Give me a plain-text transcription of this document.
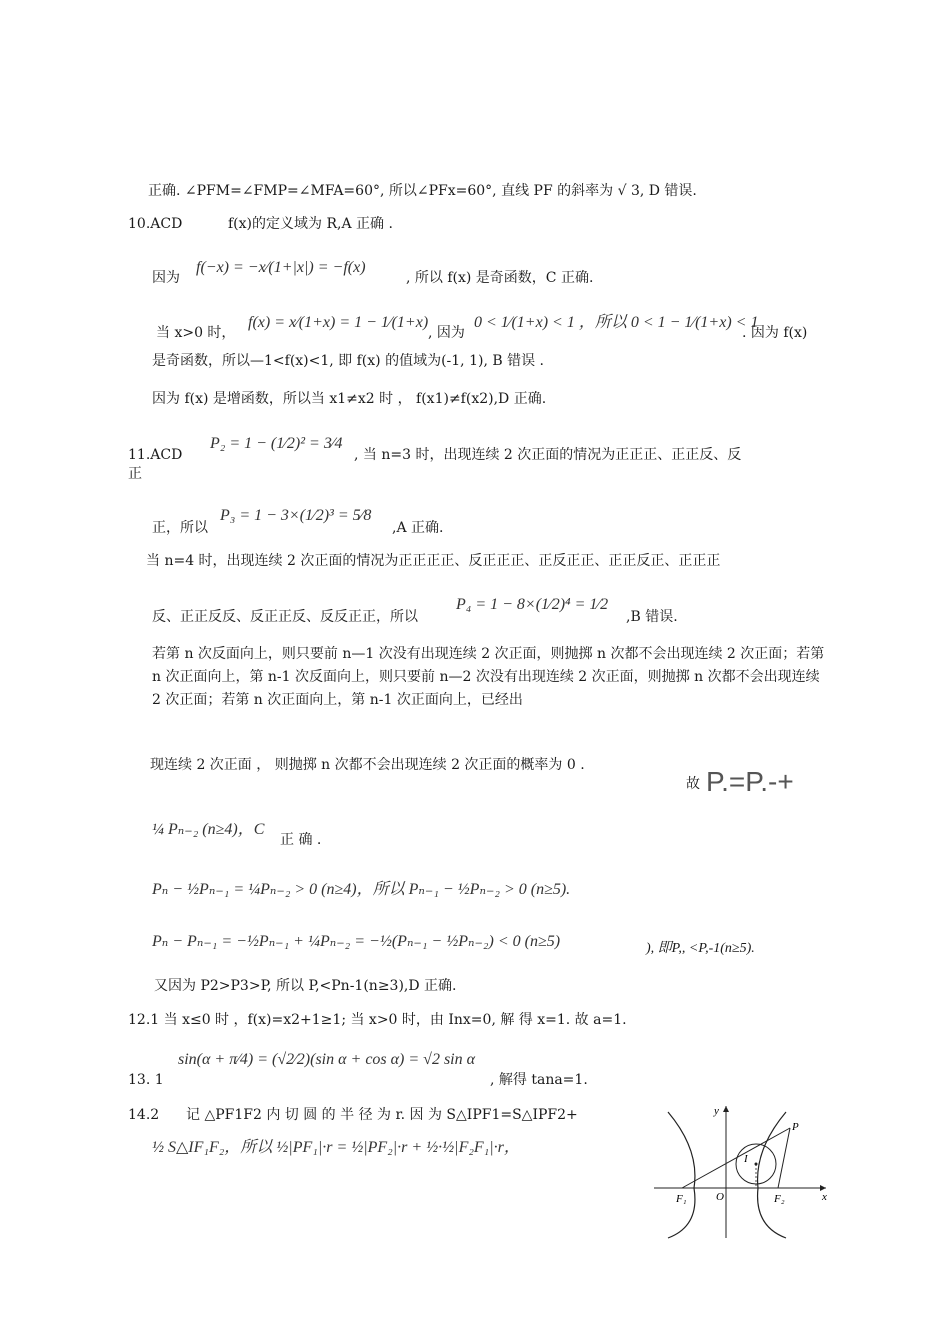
正确. ∠PFM=∠FMP=∠MFA=60°, 所以∠PFx=60°, 直线 PF 的斜率为 √ 3, D 错误.
10.ACD	f(x)的定义域为 R,A 正确 .
因为
f(−x) = −x⁄(1+|x|) = −f(x)
, 所以 f(x) 是奇函数，C 正确.
当 x>0 时，
f(x) = x⁄(1+x) = 1 − 1⁄(1+x)
, 因为
0 < 1⁄(1+x) < 1 ，所以 0 < 1 − 1⁄(1+x) < 1
. 因为 f(x)
是奇函数，所以—1<f(x)<1, 即 f(x) 的值域为(-1, 1), B 错误 .
因为 f(x) 是增函数，所以当 x1≠x2 时 ， f(x1)≠f(x2),D 正确.
11.ACD
P₂ = 1 − (1⁄2)² = 3⁄4
, 当 n=3 时，出现连续 2 次正面的情况为正正正、正正反、反
正
正，所以
P₃ = 1 − 3×(1⁄2)³ = 5⁄8
,A 正确.
当 n=4 时，出现连续 2 次正面的情况为正正正正、反正正正、正反正正、正正反正、正正正
反、正正反反、反正正反、反反正正，所以
P₄ = 1 − 8×(1⁄2)⁴ = 1⁄2
,B 错误.
若第 n 次反面向上，则只要前 n—1 次没有出现连续 2 次正面，则抛掷 n 次都不会出现连续 2 次正面；若第 n 次正面向上，第 n-1 次反面向上，则只要前 n—2 次没有出现连续 2 次正面，则抛掷 n 次都不会出现连续 2 次正面；若第 n 次正面向上，第 n-1 次正面向上，已经出
现连续 2 次正面 ， 则抛掷 n 次都不会出现连续 2 次正面的概率为 0 .
故 P.=P.-+
¼ Pₙ₋₂ (n≥4)，C
正 确 .
Pₙ − ½Pₙ₋₁ = ¼Pₙ₋₂ > 0 (n≥4)，所以 Pₙ₋₁ − ½Pₙ₋₂ > 0 (n≥5).
Pₙ − Pₙ₋₁ = −½Pₙ₋₁ + ¼Pₙ₋₂ = −½(Pₙ₋₁ − ½Pₙ₋₂) < 0 (n≥5)	), 即P,, <P,-1(n≥5).
又因为 P2>P3>P, 所以 P,<Pn-1(n≥3),D 正确.
12.1 当 x≤0 时 ，f(x)=x2+1≥1; 当 x>0 时，由 Inx=0, 解 得 x=1. 故 a=1.
13. 1
sin(α + π⁄4) = (√2⁄2)(sin α + cos α) = √2 sin α
, 解得 tana=1.
14.2 记 △PF1F2 内 切 圆 的 半 径 为 r. 因 为 S△IPF1=S△IPF2+
½ S△IF₁F₂，所以 ½|PF₁|·r = ½|PF₂|·r + ½·½|F₂F₁|·r，
y
x
P
I
F₁	O	F₂
